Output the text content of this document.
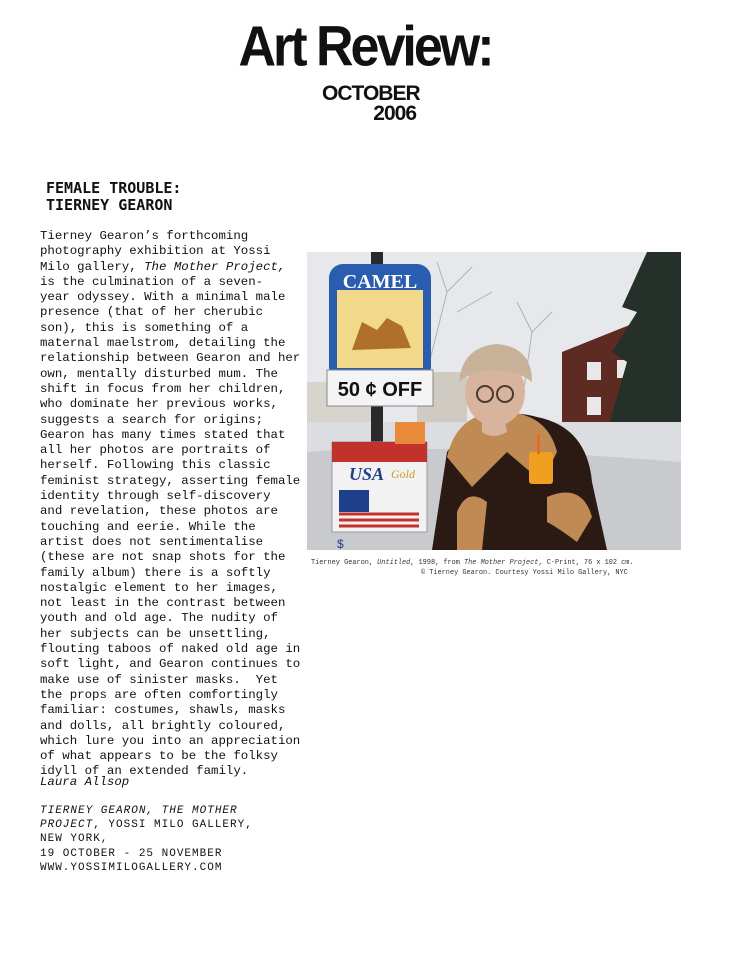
Art Review:
OCTOBER
2006
FEMALE TROUBLE:
TIERNEY GEARON
Tierney Gearon’s forthcoming
photography exhibition at Yossi
Milo gallery, The Mother Project,
is the culmination of a seven-
year odyssey. With a minimal male
presence (that of her cherubic
son), this is something of a
maternal maelstrom, detailing the
relationship between Gearon and her
own, mentally disturbed mum. The
shift in focus from her children,
who dominate her previous works,
suggests a search for origins;
Gearon has many times stated that
all her photos are portraits of
herself. Following this classic
feminist strategy, asserting female
identity through self-discovery
and revelation, these photos are
touching and eerie. While the
artist does not sentimentalise
(these are not snap shots for the
family album) there is a softly
nostalgic element to her images,
not least in the contrast between
youth and old age. The nudity of
her subjects can be unsettling,
flouting taboos of naked old age in
soft light, and Gearon continues to
make use of sinister masks.  Yet
the props are often comfortingly
familiar: costumes, shawls, masks
and dolls, all brightly coloured,
which lure you into an appreciation
of what appears to be the folksy
idyll of an extended family.
Laura Allsop
TIERNEY GEARON, THE MOTHER
PROJECT, YOSSI MILO GALLERY,
NEW YORK,
19 OCTOBER - 25 NOVEMBER
WWW.YOSSIMILOGALLERY.COM
CAMEL
50 ¢ OFF
USA Gold
$
Tierney Gearon, Untitled, 1998, from The Mother Project, C-Print, 76 x 102 cm.
© Tierney Gearon. Courtesy Yossi Milo Gallery, NYC
